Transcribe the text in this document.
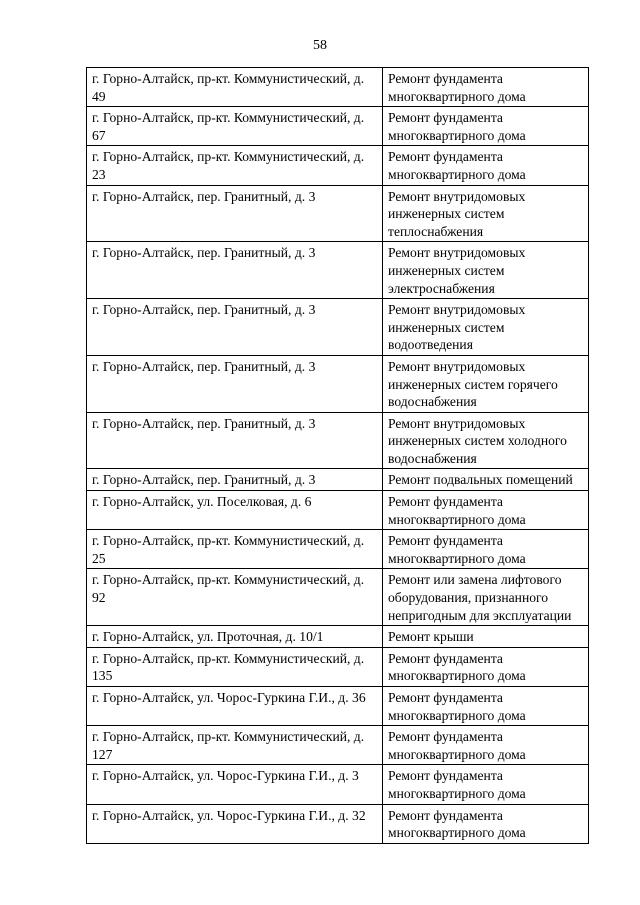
58
г. Горно-Алтайск, пр-кт. Коммунистический, д. 49	Ремонт фундамента многоквартирного дома
г. Горно-Алтайск, пр-кт. Коммунистический, д. 67	Ремонт фундамента многоквартирного дома
г. Горно-Алтайск, пр-кт. Коммунистический, д. 23	Ремонт фундамента многоквартирного дома
г. Горно-Алтайск, пер. Гранитный, д. 3	Ремонт внутридомовых инженерных систем теплоснабжения
г. Горно-Алтайск, пер. Гранитный, д. 3	Ремонт внутридомовых инженерных систем электроснабжения
г. Горно-Алтайск, пер. Гранитный, д. 3	Ремонт внутридомовых инженерных систем водоотведения
г. Горно-Алтайск, пер. Гранитный, д. 3	Ремонт внутридомовых инженерных систем горячего водоснабжения
г. Горно-Алтайск, пер. Гранитный, д. 3	Ремонт внутридомовых инженерных систем холодного водоснабжения
г. Горно-Алтайск, пер. Гранитный, д. 3	Ремонт подвальных помещений
г. Горно-Алтайск, ул. Поселковая, д. 6	Ремонт фундамента многоквартирного дома
г. Горно-Алтайск, пр-кт. Коммунистический, д. 25	Ремонт фундамента многоквартирного дома
г. Горно-Алтайск, пр-кт. Коммунистический, д. 92	Ремонт или замена лифтового оборудования, признанного непригодным для эксплуатации
г. Горно-Алтайск, ул. Проточная, д. 10/1	Ремонт крыши
г. Горно-Алтайск, пр-кт. Коммунистический, д. 135	Ремонт фундамента многоквартирного дома
г. Горно-Алтайск, ул. Чорос-Гуркина Г.И., д. 36	Ремонт фундамента многоквартирного дома
г. Горно-Алтайск, пр-кт. Коммунистический, д. 127	Ремонт фундамента многоквартирного дома
г. Горно-Алтайск, ул. Чорос-Гуркина Г.И., д. 3	Ремонт фундамента многоквартирного дома
г. Горно-Алтайск, ул. Чорос-Гуркина Г.И., д. 32	Ремонт фундамента многоквартирного дома
